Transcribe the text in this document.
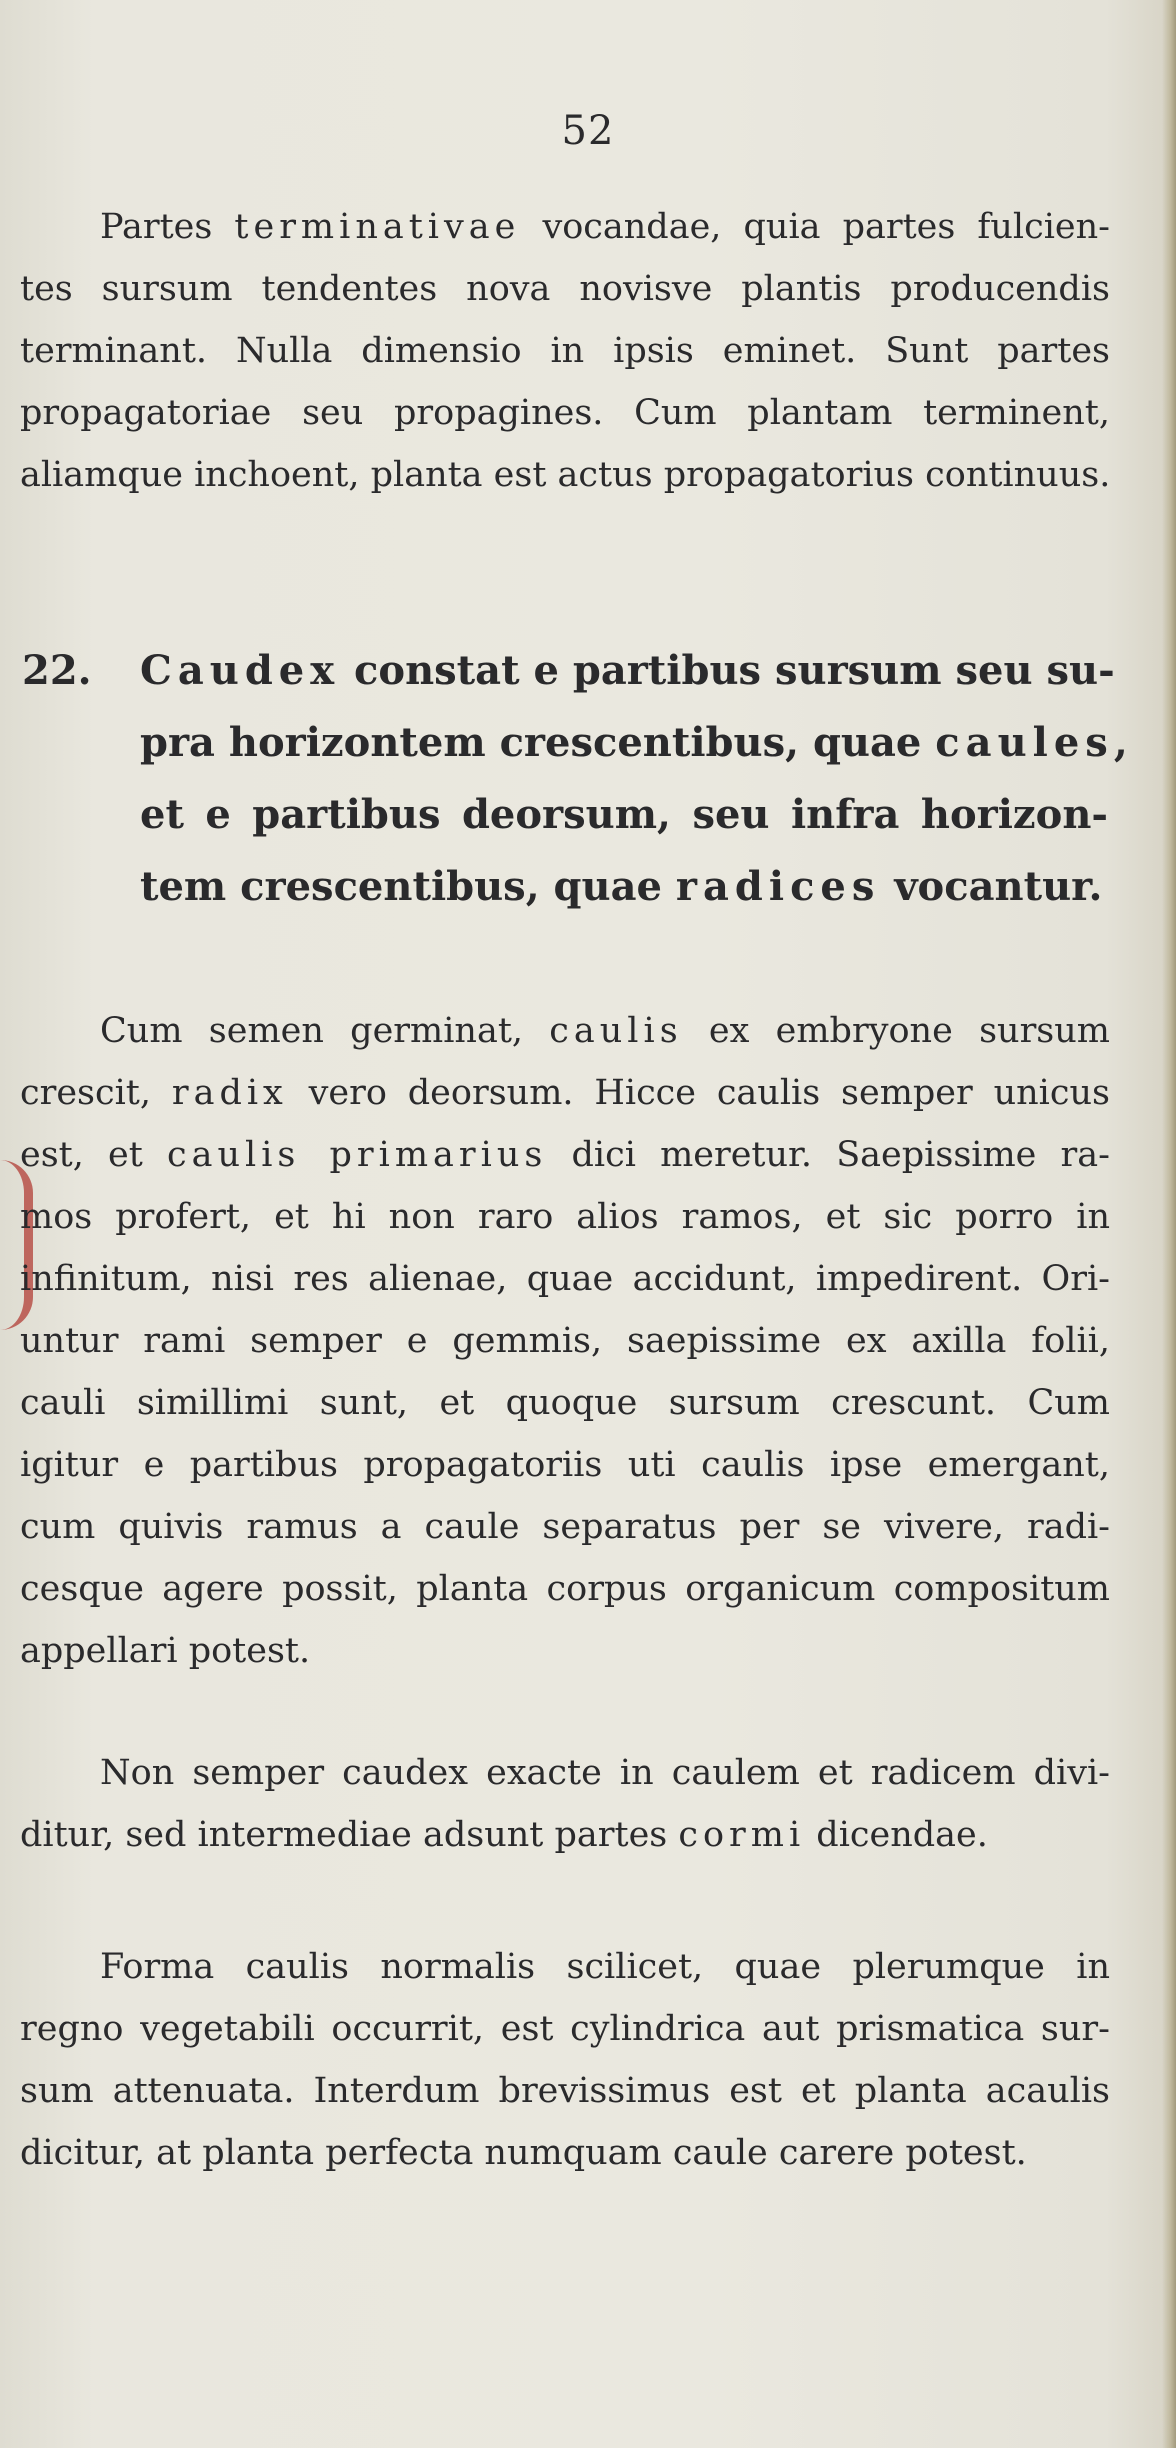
52
Partes terminativae vocandae, quia partes fulcien-
tes sursum tendentes nova novisve plantis producendis
terminant. Nulla dimensio in ipsis eminet. Sunt partes
propagatoriae seu propagines. Cum plantam terminent,
aliamque inchoent, planta est actus propagatorius continuus.
22. Caudex constat e partibus sursum seu su-
pra horizontem crescentibus, quae caules,
et e partibus deorsum, seu infra horizon-
tem crescentibus, quae radices vocantur.
Cum semen germinat, caulis ex embryone sursum
crescit, radix vero deorsum. Hicce caulis semper unicus
est, et caulis primarius dici meretur. Saepissime ra-
mos profert, et hi non raro alios ramos, et sic porro in
infinitum, nisi res alienae, quae accidunt, impedirent. Ori-
untur rami semper e gemmis, saepissime ex axilla folii,
cauli simillimi sunt, et quoque sursum crescunt. Cum
igitur e partibus propagatoriis uti caulis ipse emergant,
cum quivis ramus a caule separatus per se vivere, radi-
cesque agere possit, planta corpus organicum compositum
appellari potest.
Non semper caudex exacte in caulem et radicem divi-
ditur, sed intermediae adsunt partes cormi dicendae.
Forma caulis normalis scilicet, quae plerumque in
regno vegetabili occurrit, est cylindrica aut prismatica sur-
sum attenuata. Interdum brevissimus est et planta acaulis
dicitur, at planta perfecta numquam caule carere potest.
